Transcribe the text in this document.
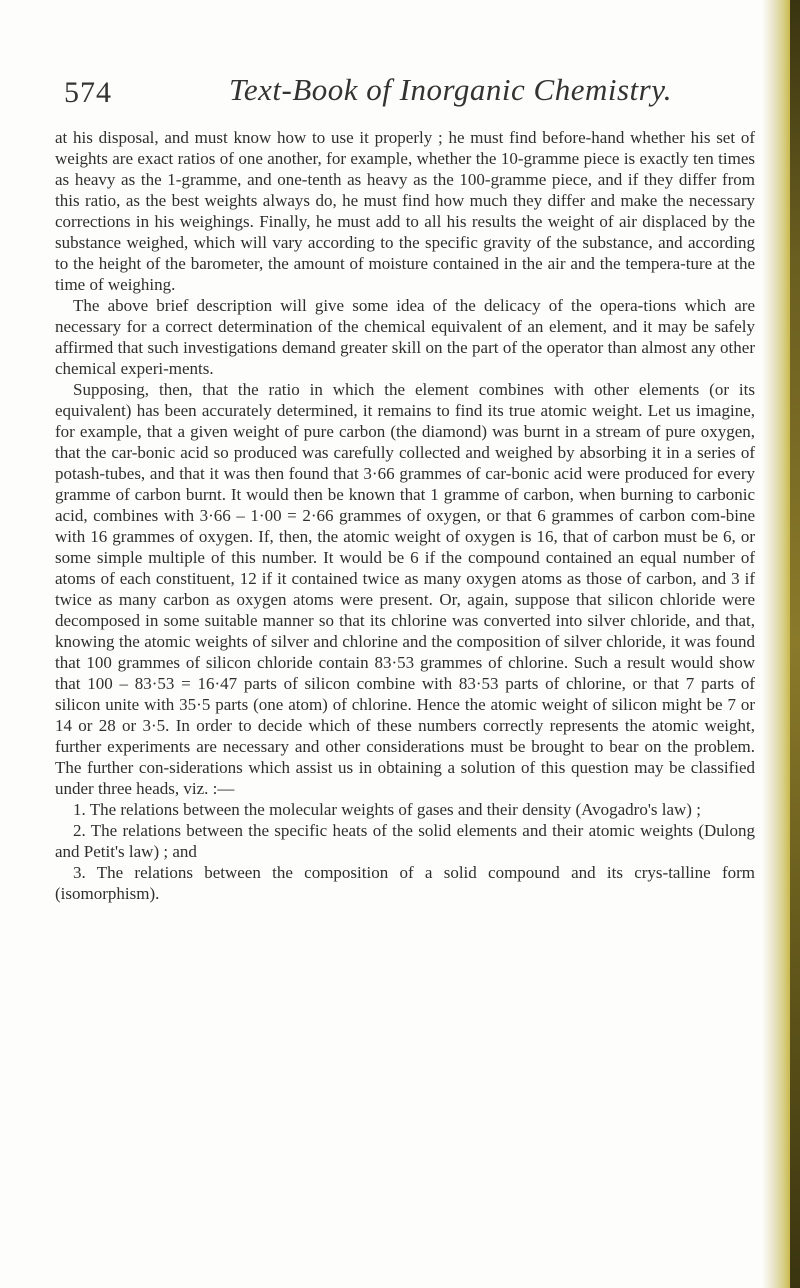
574	Text-Book of Inorganic Chemistry.

at his disposal, and must know how to use it properly ; he must find before-hand whether his set of weights are exact ratios of one another, for example, whether the 10-gramme piece is exactly ten times as heavy as the 1-gramme, and one-tenth as heavy as the 100-gramme piece, and if they differ from this ratio, as the best weights always do, he must find how much they differ and make the necessary corrections in his weighings. Finally, he must add to all his results the weight of air displaced by the substance weighed, which will vary according to the specific gravity of the substance, and according to the height of the barometer, the amount of moisture contained in the air and the tempera-ture at the time of weighing.

The above brief description will give some idea of the delicacy of the opera-tions which are necessary for a correct determination of the chemical equivalent of an element, and it may be safely affirmed that such investigations demand greater skill on the part of the operator than almost any other chemical experi-ments.

Supposing, then, that the ratio in which the element combines with other elements (or its equivalent) has been accurately determined, it remains to find its true atomic weight. Let us imagine, for example, that a given weight of pure carbon (the diamond) was burnt in a stream of pure oxygen, that the car-bonic acid so produced was carefully collected and weighed by absorbing it in a series of potash-tubes, and that it was then found that 3·66 grammes of car-bonic acid were produced for every gramme of carbon burnt. It would then be known that 1 gramme of carbon, when burning to carbonic acid, combines with 3·66 – 1·00 = 2·66 grammes of oxygen, or that 6 grammes of carbon com-bine with 16 grammes of oxygen. If, then, the atomic weight of oxygen is 16, that of carbon must be 6, or some simple multiple of this number. It would be 6 if the compound contained an equal number of atoms of each constituent, 12 if it contained twice as many oxygen atoms as those of carbon, and 3 if twice as many carbon as oxygen atoms were present. Or, again, suppose that silicon chloride were decomposed in some suitable manner so that its chlorine was converted into silver chloride, and that, knowing the atomic weights of silver and chlorine and the composition of silver chloride, it was found that 100 grammes of silicon chloride contain 83·53 grammes of chlorine. Such a result would show that 100 – 83·53 = 16·47 parts of silicon combine with 83·53 parts of chlorine, or that 7 parts of silicon unite with 35·5 parts (one atom) of chlorine. Hence the atomic weight of silicon might be 7 or 14 or 28 or 3·5. In order to decide which of these numbers correctly represents the atomic weight, further experiments are necessary and other considerations must be brought to bear on the problem. The further con-siderations which assist us in obtaining a solution of this question may be classified under three heads, viz. :—

1. The relations between the molecular weights of gases and their density (Avogadro's law) ;
2. The relations between the specific heats of the solid elements and their atomic weights (Dulong and Petit's law) ; and
3. The relations between the composition of a solid compound and its crys-talline form (isomorphism).
